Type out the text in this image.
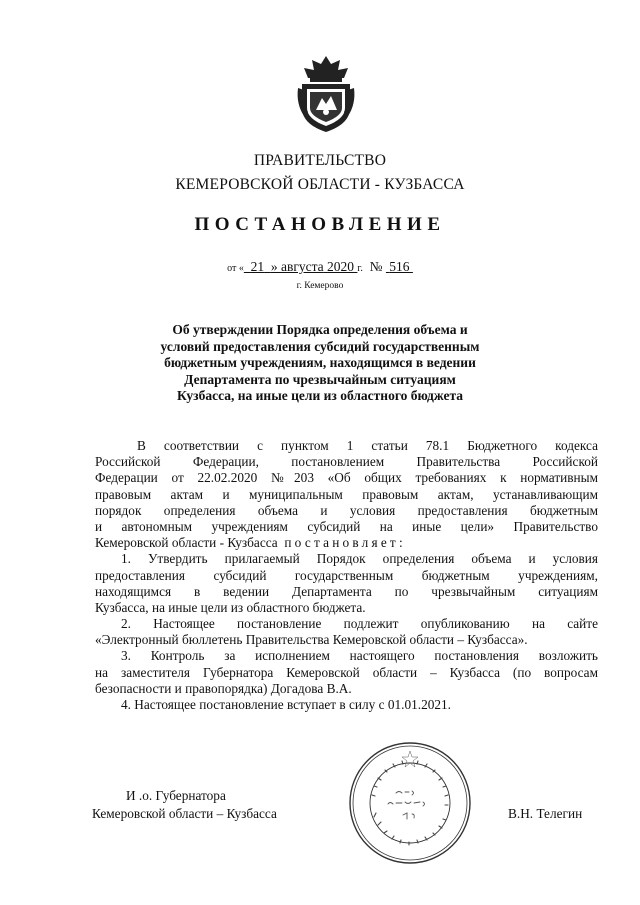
ПРАВИТЕЛЬСТВО
КЕМЕРОВСКОЙ ОБЛАСТИ - КУЗБАССА
ПОСТАНОВЛЕНИЕ
от « 21 » августа 2020 г. № 516
г. Кемерово
Об утверждении Порядка определения объема и
условий предоставления субсидий государственным
бюджетным учреждениям, находящимся в ведении
Департамента по чрезвычайным ситуациям
Кузбасса, на иные цели из областного бюджета
В соответствии с пунктом 1 статьи 78.1 Бюджетного кодекса
Российской Федерации, постановлением Правительства Российской
Федерации от 22.02.2020 №203 «Об общих требованиях к нормативным
правовым актам и муниципальным правовым актам, устанавливающим
порядок определения объема и условия предоставления бюджетным
и автономным учреждениям субсидий на иные цели» Правительство
Кемеровской области - Кузбасса постановляет:
1. Утвердить прилагаемый Порядок определения объема и условия
предоставления субсидий государственным бюджетным учреждениям,
находящимся в ведении Департамента по чрезвычайным ситуациям
Кузбасса, на иные цели из областного бюджета.
2. Настоящее постановление подлежит опубликованию на сайте
«Электронный бюллетень Правительства Кемеровской области – Кузбасса».
3. Контроль за исполнением настоящего постановления возложить
на заместителя Губернатора Кемеровской области – Кузбасса (по вопросам
безопасности и правопорядка) Догадова В.А.
4. Настоящее постановление вступает в силу с 01.01.2021.
И .о. Губернатора
Кемеровской области – Кузбасса	В.Н. Телегин
